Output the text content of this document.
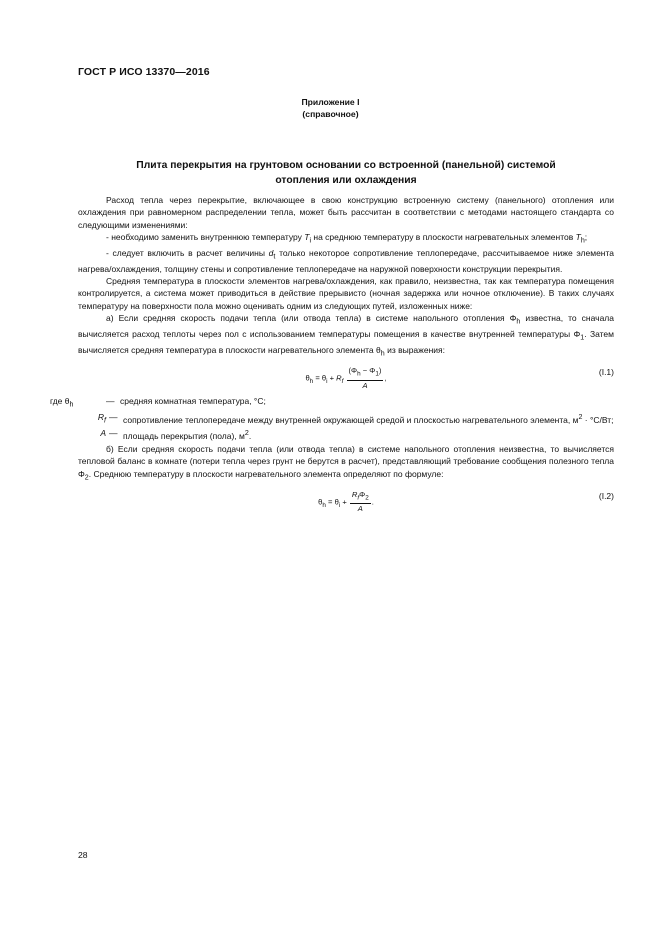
ГОСТ Р ИСО 13370—2016
Приложение I
(справочное)
Плита перекрытия на грунтовом основании со встроенной (панельной) системой
отопления или охлаждения

Расход тепла через перекрытие, включающее в свою конструкцию встроенную систему (панельного) отопления или охлаждения при равномерном распределении тепла, может быть рассчитан в соответствии с методами настоящего стандарта со следующими изменениями:

- необходимо заменить внутреннюю температуру $T_i$ на среднюю температуру в плоскости нагревательных элементов $T_h$;

- следует включить в расчет величины $d_t$ только некоторое сопротивление теплопередаче, рассчитываемое ниже элемента нагрева/охлаждения, толщину стены и сопротивление теплопередаче на наружной поверхности конструкции перекрытия.

Средняя температура в плоскости элементов нагрева/охлаждения, как правило, неизвестна, так как температура помещения контролируется, а система может приводиться в действие прерывисто (ночная задержка или ночное отключение). В таких случаях температуру на поверхности пола можно оценивать одним из следующих путей, изложенных ниже:

а) Если средняя скорость подачи тепла (или отвода тепла) в системе напольного отопления $\Phi_h$ известна, то сначала вычисляется расход теплоты через пол с использованием температуры помещения в качестве внутренней температуры $\Phi_1$. Затем вычисляется средняя температура в плоскости нагревательного элемента $\theta_h$ из выражения:

$\theta_h = \theta_i + R_f \frac{(\Phi_h - \Phi_1)}{A}$ ,
(I.1)
где $\theta_h$	— средняя комнатная температура, °С;
$R_f$ — сопротивление теплопередаче между внутренней окружающей средой и плоскостью нагревательного элемента, $м^2 \cdot ^\circ С/Вт$;
A — площадь перекрытия (пола), $м^2$.

б) Если средняя скорость подачи тепла (или отвода тепла) в системе напольного отопления неизвестна, то вычисляется тепловой баланс в комнате (потери тепла через грунт не берутся в расчет), представляющий требование сообщения полезного тепла $\Phi_2$. Среднюю температуру в плоскости нагревательного элемента определяют по формуле:

$\theta_h = \theta_i + \frac{R_f\Phi_2}{A}$ .
(I.2)
28
